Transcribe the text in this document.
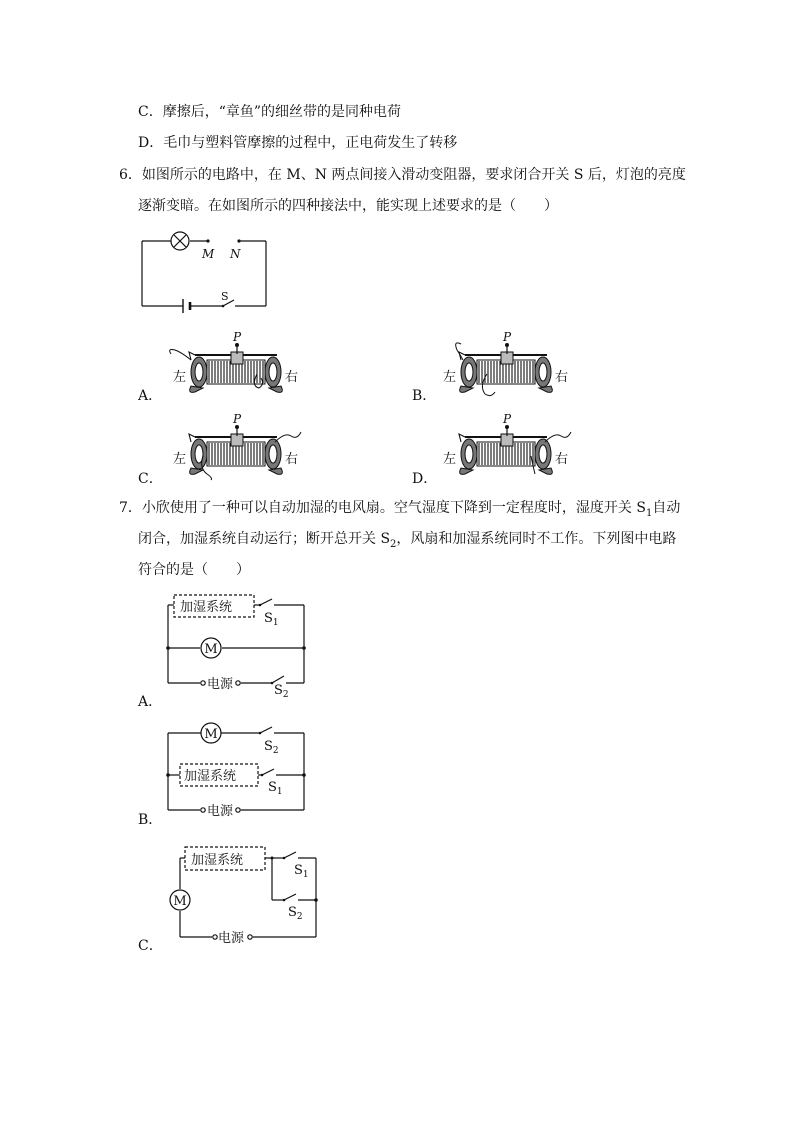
C．摩擦后，“章鱼”的细丝带的是同种电荷
D．毛巾与塑料管摩擦的过程中，正电荷发生了转移
6．如图所示的电路中，在 M、N 两点间接入滑动变阻器，要求闭合开关 S 后，灯泡的亮度
逐渐变暗。在如图所示的四种接法中，能实现上述要求的是（　　）
M N
S
P
左	右
P
左	右
P
左	右
P
左	右
A．	B．
C．	D．
7．小欣使用了一种可以自动加湿的电风扇。空气湿度下降到一定程度时，湿度开关 $S_1$自动
闭合，加湿系统自动运行；断开总开关 $S_2$，风扇和加湿系统同时不工作。下列图中电路
符合的是（　　）
加湿系统
M
电源
$S_1$
$S_2$
A．
M
加湿系统
电源
$S_2$
$S_1$
B．
加湿系统
M
电源
$S_1$
$S_2$
C．
